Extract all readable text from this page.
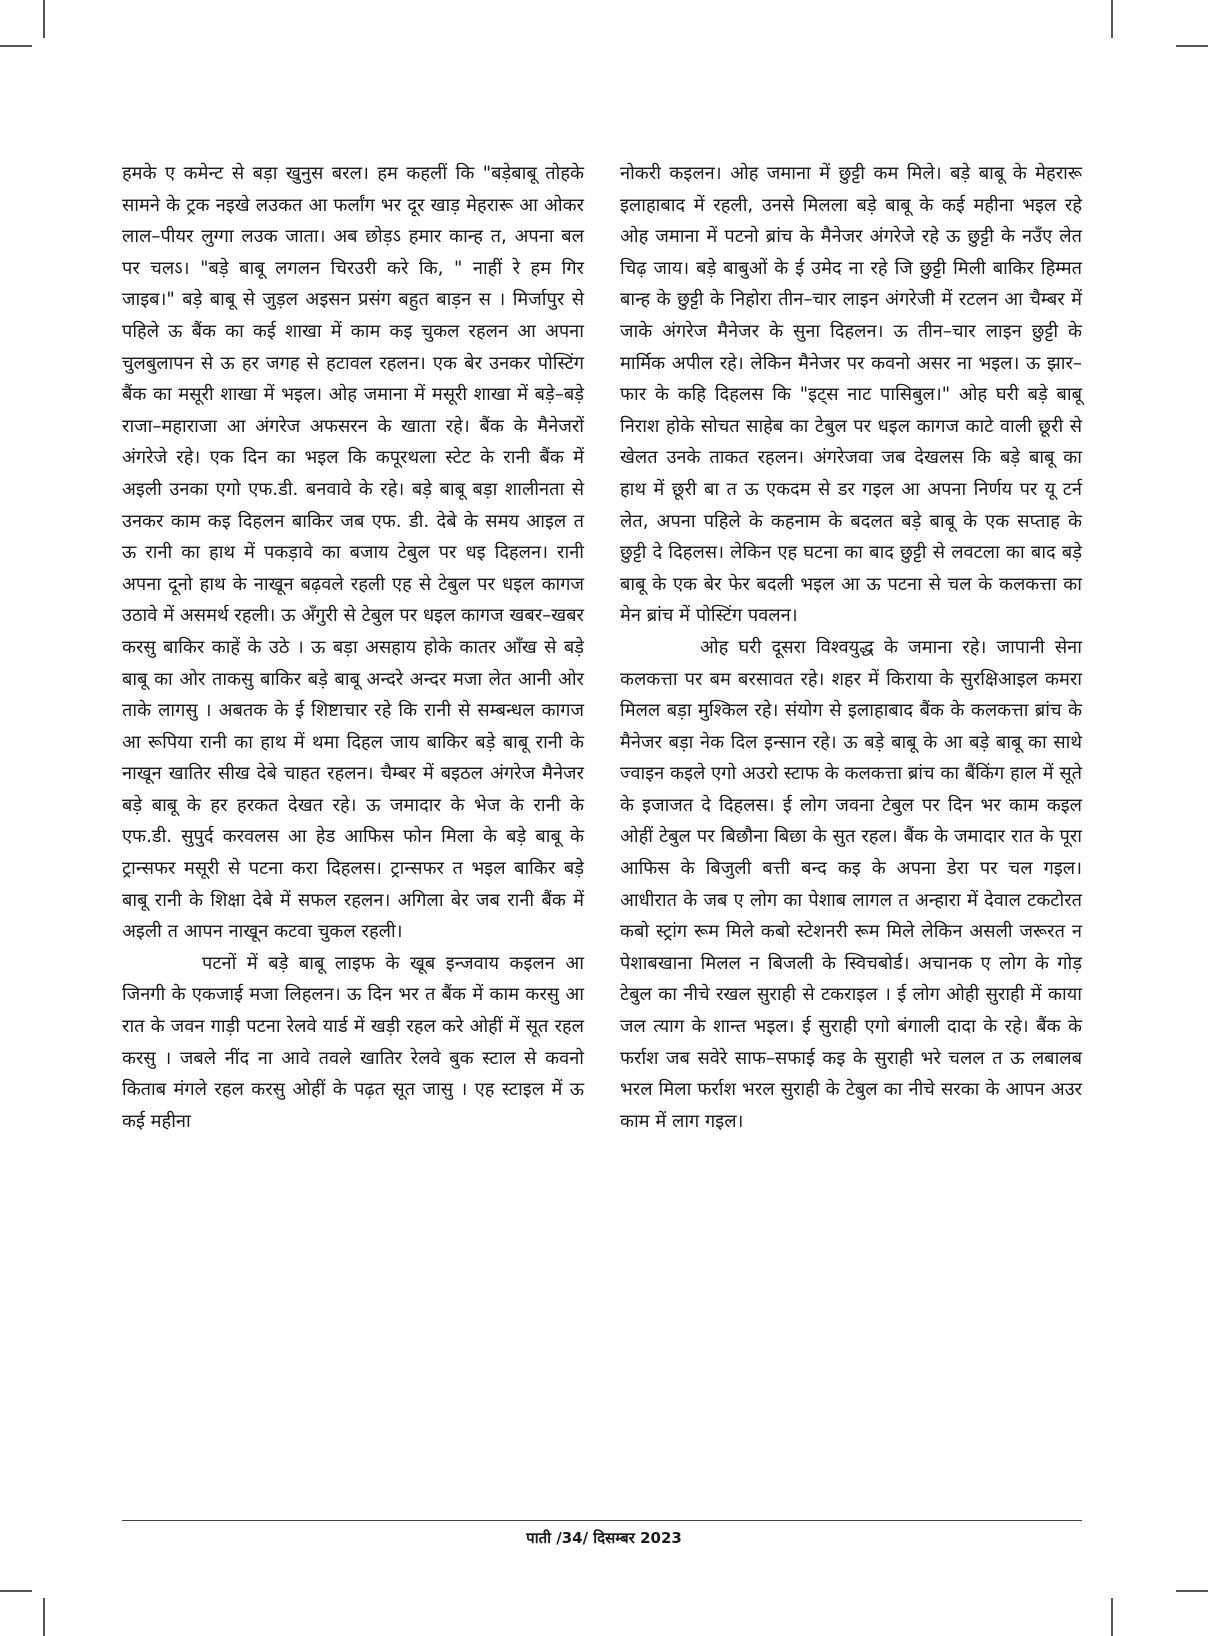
हमके ए कमेन्ट से बड़ा खुनुस बरल। हम कहलीं कि "बड़ेबाबू तोहके सामने के ट्रक नइखे लउकत आ फर्लांग भर दूर खाड़ मेहरारू आ ओकर लाल–पीयर लुग्गा लउक जाता। अब छोड़ऽ हमार कान्ह त, अपना बल पर चलऽ। "बड़े बाबू लगलन चिरउरी करे कि, " नाहीं रे हम गिर जाइब।" बड़े बाबू से जुड़ल अइसन प्रसंग बहुत बाड़न स । मिर्जापुर से पहिले ऊ बैंक का कई शाखा में काम कइ चुकल रहलन आ अपना चुलबुलापन से ऊ हर जगह से हटावल रहलन। एक बेर उनकर पोस्टिंग बैंक का मसूरी शाखा में भइल। ओह जमाना में मसूरी शाखा में बड़े–बड़े राजा–महाराजा आ अंगरेज अफसरन के खाता रहे। बैंक के मैनेजरों अंगरेजे रहे। एक दिन का भइल कि कपूरथला स्टेट के रानी बैंक में अइली उनका एगो एफ.डी. बनवावे के रहे। बड़े बाबू बड़ा शालीनता से उनकर काम कइ दिहलन बाकिर जब एफ. डी. देबे के समय आइल त ऊ रानी का हाथ में पकड़ावे का बजाय टेबुल पर धइ दिहलन। रानी अपना दूनो हाथ के नाखून बढ़वले रहली एह से टेबुल पर धइल कागज उठावे में असमर्थ रहली। ऊ अँगुरी से टेबुल पर धइल कागज खबर–खबर करसु बाकिर काहें के उठे । ऊ बड़ा असहाय होके कातर आँख से बड़े बाबू का ओर ताकसु बाकिर बड़े बाबू अन्दरे अन्दर मजा लेत आनी ओर ताके लागसु । अबतक के ई शिष्टाचार रहे कि रानी से सम्बन्धल कागज आ रूपिया रानी का हाथ में थमा दिहल जाय बाकिर बड़े बाबू रानी के नाखून खातिर सीख देबे चाहत रहलन। चैम्बर में बइठल अंगरेज मैनेजर बड़े बाबू के हर हरकत देखत रहे। ऊ जमादार के भेज के रानी के एफ.डी. सुपुर्द करवलस आ हेड आफिस फोन मिला के बड़े बाबू के ट्रान्सफर मसूरी से पटना करा दिहलस। ट्रान्सफर त भइल बाकिर बड़े बाबू रानी के शिक्षा देबे में सफल रहलन। अगिला बेर जब रानी बैंक में अइली त आपन नाखून कटवा चुकल रहली।

पटनों में बड़े बाबू लाइफ के खूब इन्जवाय कइलन आ जिनगी के एकजाई मजा लिहलन। ऊ दिन भर त बैंक में काम करसु आ रात के जवन गाड़ी पटना रेलवे यार्ड में खड़ी रहल करे ओहीं में सूत रहल करसु । जबले नींद ना आवे तवले खातिर रेलवे बुक स्टाल से कवनो किताब मंगले रहल करसु ओहीं के पढ़त सूत जासु । एह स्टाइल में ऊ कई महीना

नोकरी कइलन। ओह जमाना में छुट्टी कम मिले। बड़े बाबू के मेहरारू इलाहाबाद में रहली, उनसे मिलला बड़े बाबू के कई महीना भइल रहे ओह जमाना में पटनो ब्रांच के मैनेजर अंगरेजे रहे ऊ छुट्टी के नउँए लेत चिढ़ जाय। बड़े बाबुओं के ई उमेद ना रहे जि छुट्टी मिली बाकिर हिम्मत बान्ह के छुट्टी के निहोरा तीन–चार लाइन अंगरेजी में रटलन आ चैम्बर में जाके अंगरेज मैनेजर के सुना दिहलन। ऊ तीन–चार लाइन छुट्टी के मार्मिक अपील रहे। लेकिन मैनेजर पर कवनो असर ना भइल। ऊ झार–फार के कहि दिहलस कि "इट्स नाट पासिबुल।" ओह घरी बड़े बाबू निराश होके सोचत साहेब का टेबुल पर धइल कागज काटे वाली छूरी से खेलत उनके ताकत रहलन। अंगरेजवा जब देखलस कि बड़े बाबू का हाथ में छूरी बा त ऊ एकदम से डर गइल आ अपना निर्णय पर यू टर्न लेत, अपना पहिले के कहनाम के बदलत बड़े बाबू के एक सप्ताह के छुट्टी दे दिहलस। लेकिन एह घटना का बाद छुट्टी से लवटला का बाद बड़े बाबू के एक बेर फेर बदली भइल आ ऊ पटना से चल के कलकत्ता का मेन ब्रांच में पोस्टिंग पवलन।

ओह घरी दूसरा विश्वयुद्ध के जमाना रहे। जापानी सेना कलकत्ता पर बम बरसावत रहे। शहर में किराया के सुरक्षिआइल कमरा मिलल बड़ा मुश्किल रहे। संयोग से इलाहाबाद बैंक के कलकत्ता ब्रांच के मैनेजर बड़ा नेक दिल इन्सान रहे। ऊ बड़े बाबू के आ बड़े बाबू का साथे ज्वाइन कइले एगो अउरो स्टाफ के कलकत्ता ब्रांच का बैंकिंग हाल में सूते के इजाजत दे दिहलस। ई लोग जवना टेबुल पर दिन भर काम कइल ओहीं टेबुल पर बिछौना बिछा के सुत रहल। बैंक के जमादार रात के पूरा आफिस के बिजुली बत्ती बन्द कइ के अपना डेरा पर चल गइल। आधीरात के जब ए लोग का पेशाब लागल त अन्हारा में देवाल टकटोरत कबो स्ट्रांग रूम मिले कबो स्टेशनरी रूम मिले लेकिन असली जरूरत न पेशाबखाना मिलल न बिजली के स्विचबोर्ड। अचानक ए लोग के गोड़ टेबुल का नीचे रखल सुराही से टकराइल । ई लोग ओही सुराही में काया जल त्याग के शान्त भइल। ई सुराही एगो बंगाली दादा के रहे। बैंक के फर्राश जब सवेरे साफ–सफाई कइ के सुराही भरे चलल त ऊ लबालब भरल मिला फर्राश भरल सुराही के टेबुल का नीचे सरका के आपन अउर काम में लाग गइल।

पाती /34/ दिसम्बर 2023
